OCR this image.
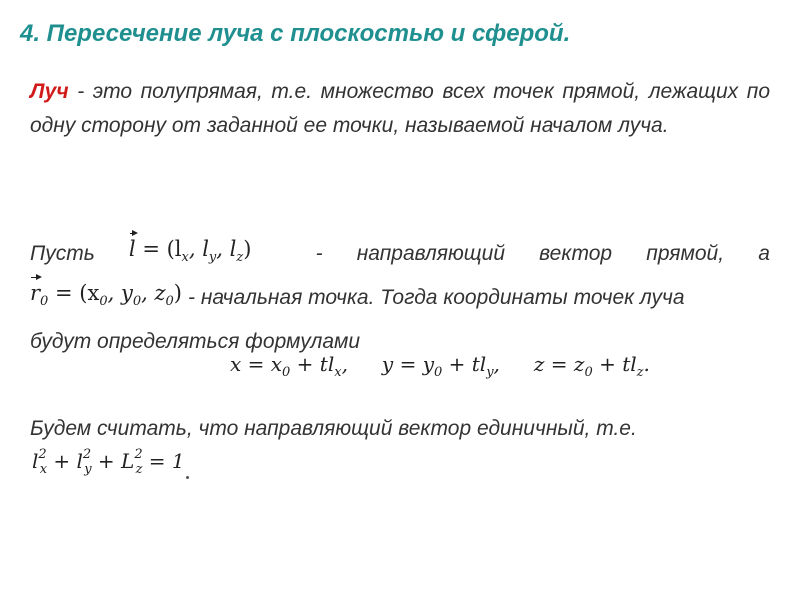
4. Пересечение луча с плоскостью и сферой.
Луч - это полупрямая, т.е. множество всех точек прямой, лежащих по одну сторону от заданной ее точки, называемой началом луча.
Пусть $l = (l_x$, $l_y$, $l_z$)	- направляющий вектор прямой, а
$r_0 = (x_0$, $y_0$, $z_0$) - начальная точка. Тогда координаты точек луча
будут определяться формулами
$x = x_0 + tl_x$, $y = y_0 + tl_y$, $z = z_0 + tl_z$.
Будем считать, что направляющий вектор единичный, т.е.
$l^2_x + l^2_y + L^2_z = 1$
